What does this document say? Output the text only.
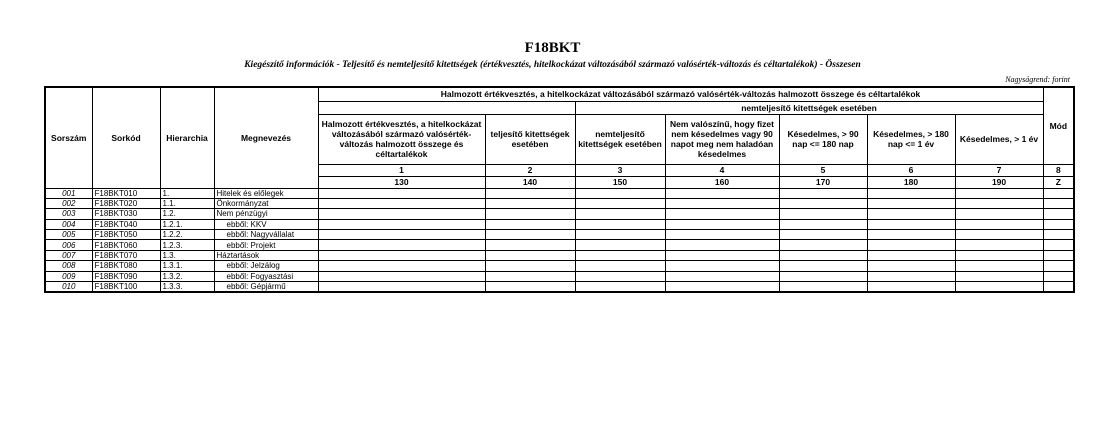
F18BKT
Kiegészítő információk - Teljesítő és nemteljesítő kitettségek (értékvesztés, hitelkockázat változásából származó valósérték-változás és céltartalékok) - Összesen
Nagyságrend: forint
Sorszám	Sorkód	Hierarchia	Megnevezés	Halmozott értékvesztés, a hitelkockázat változásából származó valósérték-változás halmozott összege és céltartalékok							Mód
						nemteljesítő kitettségek esetében					
				Halmozott értékvesztés, a hitelkockázat változásából származó valósérték-változás halmozott összege és céltartalékok	teljesítő kitettségek esetében	nemteljesítő kitettségek esetében	Nem valószínű, hogy fizet nem késedelmes vagy 90 napot meg nem haladóan késedelmes	Késedelmes, > 90 nap <= 180 nap	Késedelmes, > 180 nap <= 1 év	Késedelmes, > 1 év	
				1	2	3	4	5	6	7	8
				130	140	150	160	170	180	190	Z
001	F18BKT010	1.	Hitelek és előlegek								
002	F18BKT020	1.1.	Önkormányzat								
003	F18BKT030	1.2.	Nem pénzügyi								
004	F18BKT040	1.2.1.	ebből: KKV								
005	F18BKT050	1.2.2.	ebből: Nagyvállalat								
006	F18BKT060	1.2.3.	ebből: Projekt								
007	F18BKT070	1.3.	Háztartások								
008	F18BKT080	1.3.1.	ebből: Jelzálog								
009	F18BKT090	1.3.2.	ebből: Fogyasztási								
010	F18BKT100	1.3.3.	ebből: Gépjármű								
